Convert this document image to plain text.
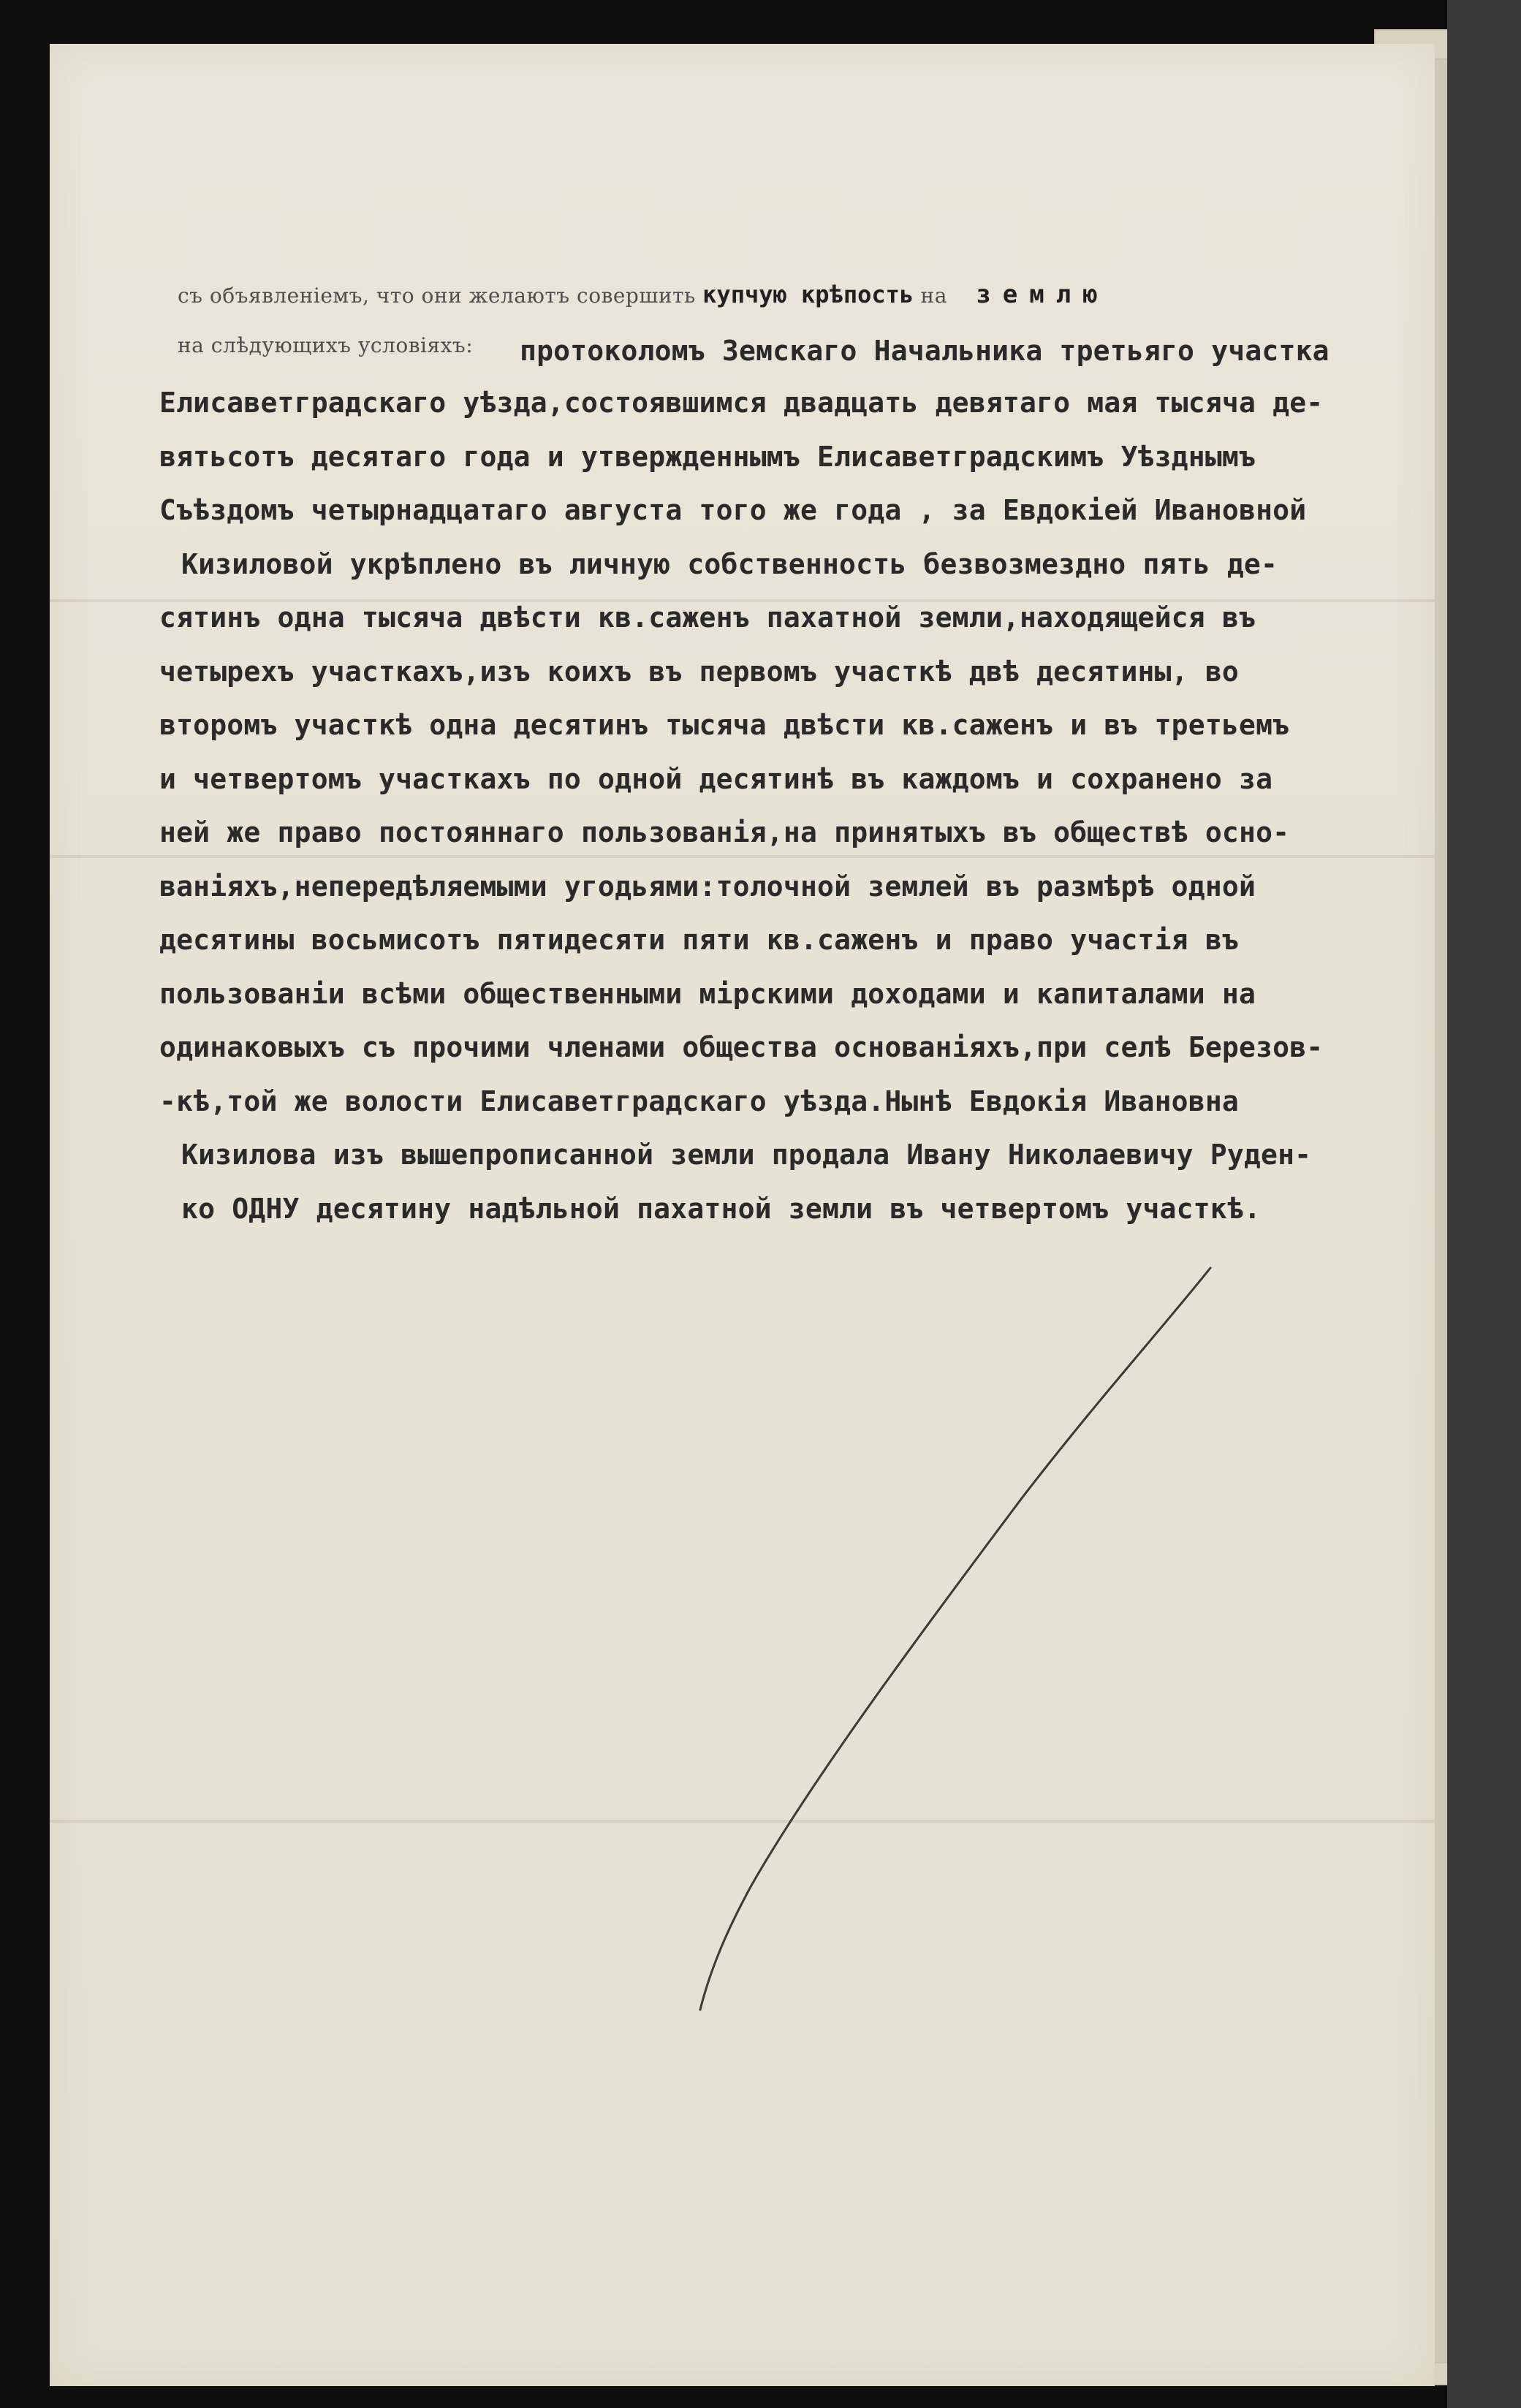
съ объявленіемъ, что они желаютъ совершить купчую крѣпость на землю
на слѣдующихъ условіяхъ: протоколомъ Земскаго Начальника третьяго участка
Елисаветградскаго уѣзда,состоявшимся двадцать девятаго мая тысяча де-
вятьсотъ десятаго года и утвержденнымъ Елисаветградскимъ Уѣзднымъ
Съѣздомъ четырнадцатаго августа того же года , за Евдокіей Ивановной
Кизиловой укрѣплено въ личную собственность безвозмездно пять де-
сятинъ одна тысяча двѣсти кв.саженъ пахатной земли,находящейся въ
четырехъ участкахъ,изъ коихъ въ первомъ участкѣ двѣ десятины, во
второмъ участкѣ одна десятинъ тысяча двѣсти кв.саженъ и въ третьемъ
и четвертомъ участкахъ по одной десятинѣ въ каждомъ и сохранено за
ней же право постояннаго пользованія,на принятыхъ въ обществѣ осно-
ваніяхъ,непередѣляемыми угодьями:толочной землей въ размѣрѣ одной
десятины восьмисотъ пятидесяти пяти кв.саженъ и право участія въ
пользованіи всѣми общественными мірскими доходами и капиталами на
одинаковыхъ съ прочими членами общества основаніяхъ,при селѣ Березов-
-кѣ,той же волости Елисаветградскаго уѣзда.Нынѣ Евдокія Ивановна
Кизилова изъ вышепрописанной земли продала Ивану Николаевичу Руден-
ко ОДНУ десятину надѣльной пахатной земли въ четвертомъ участкѣ.
